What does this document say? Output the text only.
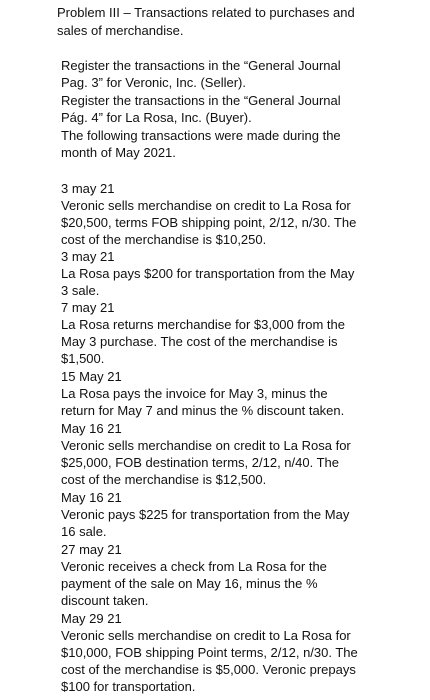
Problem III – Transactions related to purchases and
sales of merchandise.
Register the transactions in the “General Journal
Pag. 3” for Veronic, Inc. (Seller).
Register the transactions in the “General Journal
Pág. 4” for La Rosa, Inc. (Buyer).
The following transactions were made during the
month of May 2021.
3 may 21
Veronic sells merchandise on credit to La Rosa for
$20,500, terms FOB shipping point, 2/12, n/30. The
cost of the merchandise is $10,250.
3 may 21
La Rosa pays $200 for transportation from the May
3 sale.
7 may 21
La Rosa returns merchandise for $3,000 from the
May 3 purchase. The cost of the merchandise is
$1,500.
15 May 21
La Rosa pays the invoice for May 3, minus the
return for May 7 and minus the % discount taken.
May 16 21
Veronic sells merchandise on credit to La Rosa for
$25,000, FOB destination terms, 2/12, n/40. The
cost of the merchandise is $12,500.
May 16 21
Veronic pays $225 for transportation from the May
16 sale.
27 may 21
Veronic receives a check from La Rosa for the
payment of the sale on May 16, minus the %
discount taken.
May 29 21
Veronic sells merchandise on credit to La Rosa for
$10,000, FOB shipping Point terms, 2/12, n/30. The
cost of the merchandise is $5,000. Veronic prepays
$100 for transportation.
